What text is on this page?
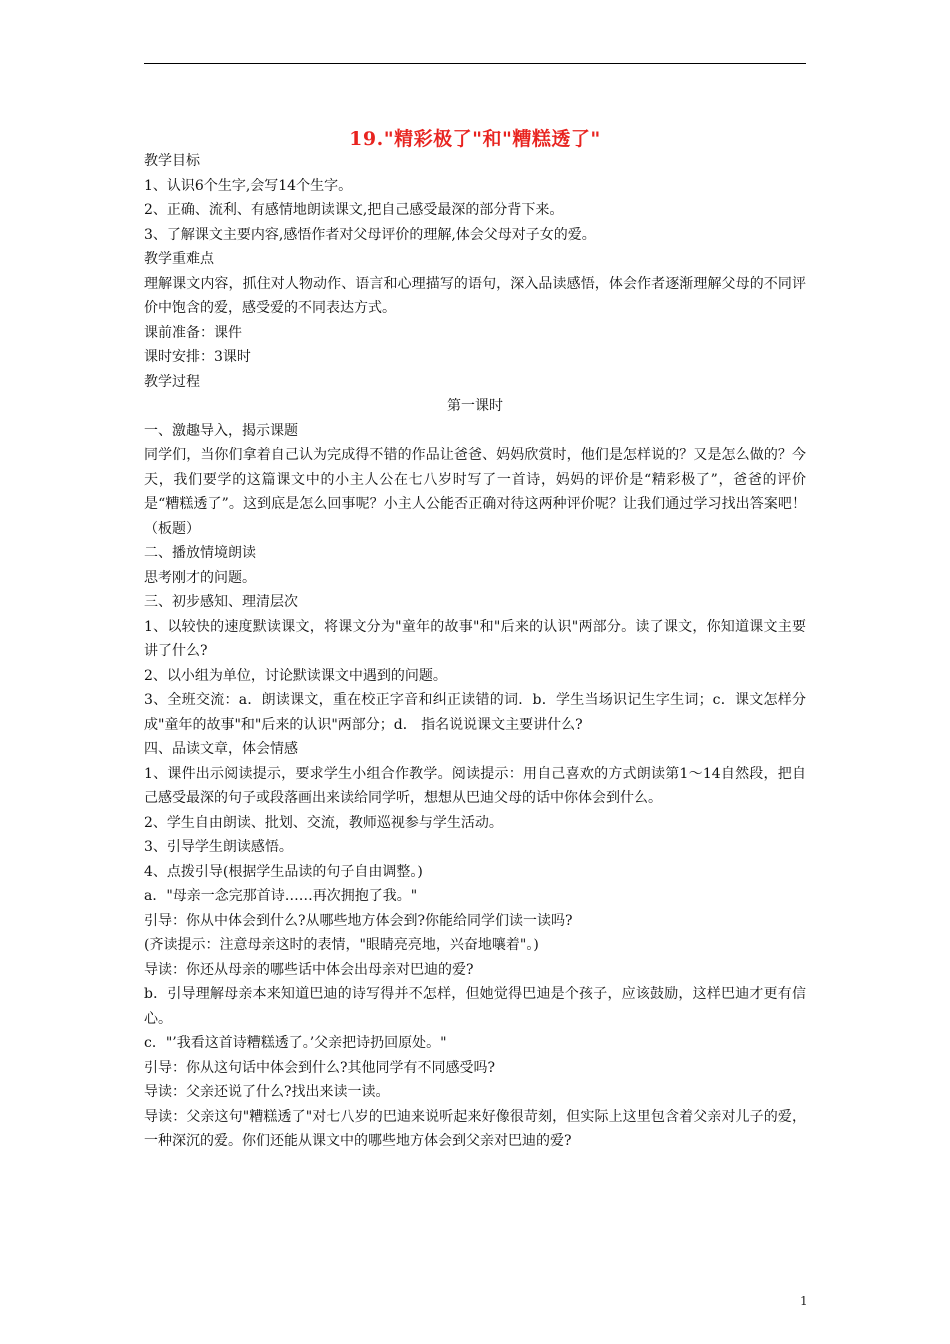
19."精彩极了"和"糟糕透了"

教学目标

1、认识6个生字,会写14个生字。

2、正确、流利、有感情地朗读课文,把自己感受最深的部分背下来。

3、了解课文主要内容,感悟作者对父母评价的理解,体会父母对子女的爱。

教学重难点

理解课文内容，抓住对人物动作、语言和心理描写的语句，深入品读感悟，体会作者逐渐理解父母的不同评价中饱含的爱，感受爱的不同表达方式。

课前准备：课件

课时安排：3课时

教学过程

第一课时

一、激趣导入，揭示课题

同学们，当你们拿着自己认为完成得不错的作品让爸爸、妈妈欣赏时，他们是怎样说的？又是怎么做的？今天，我们要学的这篇课文中的小主人公在七八岁时写了一首诗，妈妈的评价是“精彩极了”，爸爸的评价是“糟糕透了”。这到底是怎么回事呢？小主人公能否正确对待这两种评价呢？让我们通过学习找出答案吧！（板题）

二、播放情境朗读

思考刚才的问题。

三、初步感知、理清层次

1、以较快的速度默读课文，将课文分为"童年的故事"和"后来的认识"两部分。读了课文，你知道课文主要讲了什么?

2、以小组为单位，讨论默读课文中遇到的问题。

3、全班交流：a．朗读课文，重在校正字音和纠正读错的词．b．学生当场识记生字生词；c．课文怎样分成"童年的故事"和"后来的认识"两部分；d． 指名说说课文主要讲什么?

四、品读文章，体会情感

1、课件出示阅读提示，要求学生小组合作教学。阅读提示：用自己喜欢的方式朗读第1～14自然段，把自己感受最深的句子或段落画出来读给同学听，想想从巴迪父母的话中你体会到什么。

2、学生自由朗读、批划、交流，教师巡视参与学生活动。

3、引导学生朗读感悟。

4、点拨引导(根据学生品读的句子自由调整。)

a．"母亲一念完那首诗……再次拥抱了我。"

引导：你从中体会到什么?从哪些地方体会到?你能给同学们读一读吗?

(齐读提示：注意母亲这时的表情，"眼睛亮亮地，兴奋地嚷着"。)

导读：你还从母亲的哪些话中体会出母亲对巴迪的爱?

b．引导理解母亲本来知道巴迪的诗写得并不怎样，但她觉得巴迪是个孩子，应该鼓励，这样巴迪才更有信心。

c．"’我看这首诗糟糕透了。’父亲把诗扔回原处。"

引导：你从这句话中体会到什么?其他同学有不同感受吗?

导读：父亲还说了什么?找出来读一读。

导读：父亲这句"糟糕透了"对七八岁的巴迪来说听起来好像很苛刻，但实际上这里包含着父亲对儿子的爱，一种深沉的爱。你们还能从课文中的哪些地方体会到父亲对巴迪的爱?

1
